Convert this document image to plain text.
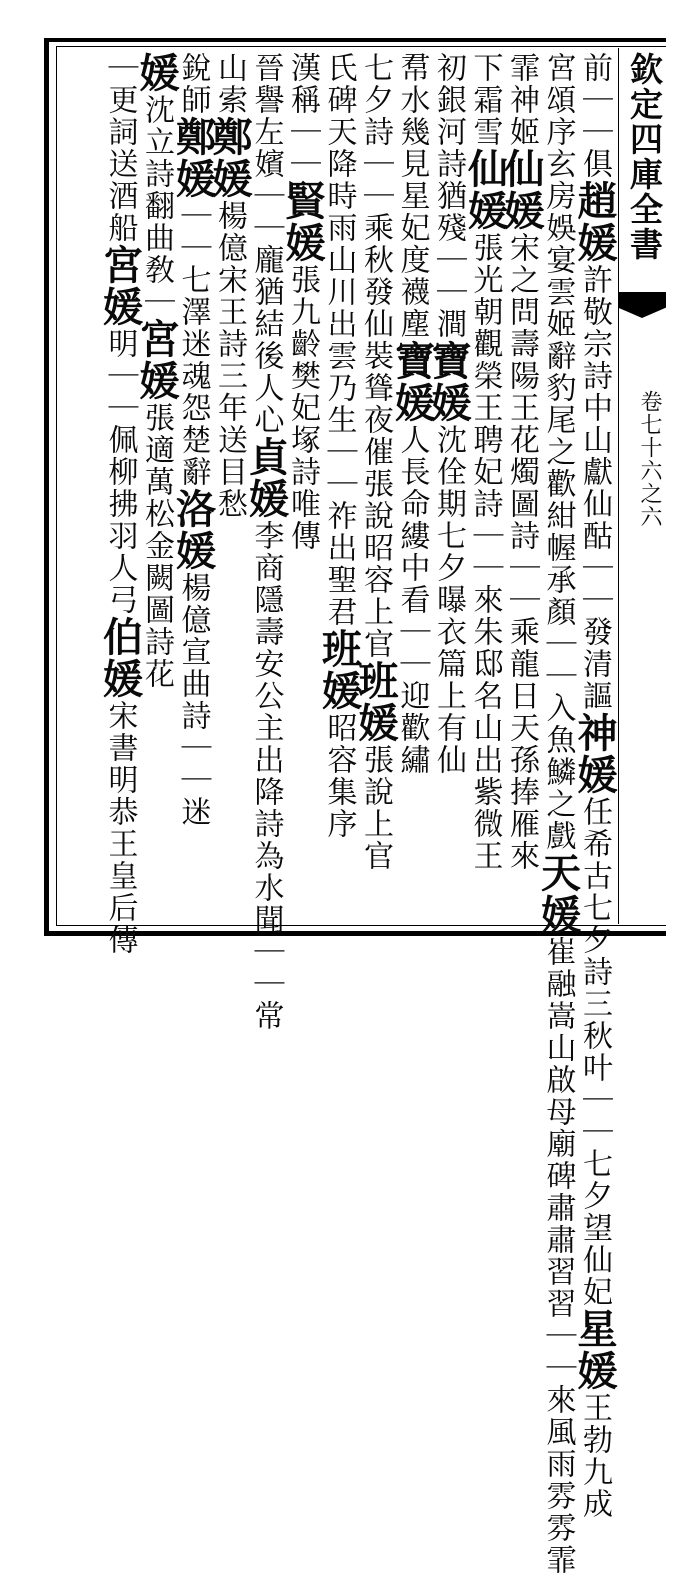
欽定四庫全書
卷七十六之六
前｜｜俱趙媛許敬宗詩中山獻仙酤｜｜發清謳神媛任希古七夕詩三秋叶｜｜七夕望仙妃星媛王勃九成
宮頌序玄房娛宴雲姬辭豹尾之歡紺幄承顏｜｜入魚鱗之戲天媛崔融嵩山啟母廟碑肅肅習習｜｜來風雨雰雰霏
霏神姬仙媛宋之問壽陽王花燭圖詩｜｜乘龍日天孫捧雁來
下霜雪仙媛張光朝觀榮王聘妃詩｜｜來朱邸名山出紫微王
初銀河詩猶殘｜｜澗寶媛沈佺期七夕曝衣篇上有仙
帬水幾見星妃度襪塵寶媛人長命縷中看｜｜迎歡繡
七夕詩｜｜乘秋發仙裝聳夜催張說昭容上官班媛張說上官
氏碑天降時雨山川出雲乃生｜｜祚出聖君班媛昭容集序
漢稱｜｜賢媛張九齡樊妃塚詩唯傳
晉譽左嬪｜｜龐猶結後人心貞媛李商隱壽安公主出降詩為水聞｜｜常
山索鄭媛楊億宋王詩三年送目愁
銳師鄭媛｜｜七澤迷魂怨楚辭洛媛楊億宣曲詩｜｜迷
媛沈立詩翻曲敎｜宮媛張適萬松金闕圖詩花
｜更詞送酒船宮媛明｜｜佩柳拂羽人弓伯媛宋書明恭王皇后傳
